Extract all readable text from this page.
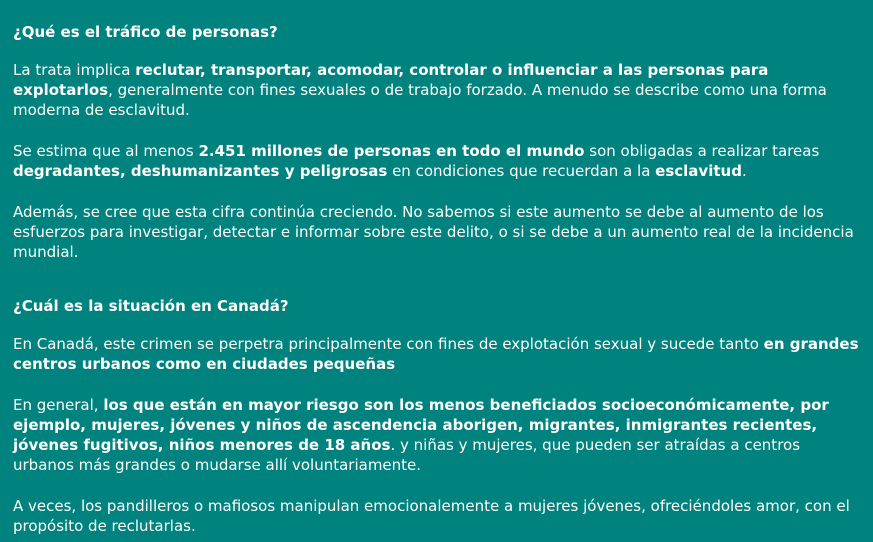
¿Qué es el tráfico de personas?

La trata implica reclutar, transportar, acomodar, controlar o influenciar a las personas para explotarlos, generalmente con fines sexuales o de trabajo forzado. A menudo se describe como una forma moderna de esclavitud.

Se estima que al menos 2.451 millones de personas en todo el mundo son obligadas a realizar tareas degradantes, deshumanizantes y peligrosas en condiciones que recuerdan a la esclavitud.

Además, se cree que esta cifra continúa creciendo. No sabemos si este aumento se debe al aumento de los esfuerzos para investigar, detectar e informar sobre este delito, o si se debe a un aumento real de la incidencia mundial.

¿Cuál es la situación en Canadá?

En Canadá, este crimen se perpetra principalmente con fines de explotación sexual y sucede tanto en grandes centros urbanos como en ciudades pequeñas

En general, los que están en mayor riesgo son los menos beneficiados socioeconómicamente, por ejemplo, mujeres, jóvenes y niños de ascendencia aborigen, migrantes, inmigrantes recientes, jóvenes fugitivos, niños menores de 18 años. y niñas y mujeres, que pueden ser atraídas a centros urbanos más grandes o mudarse allí voluntariamente.

A veces, los pandilleros o mafiosos manipulan emocionalemente a mujeres jóvenes, ofreciéndoles amor, con el propósito de reclutarlas.
